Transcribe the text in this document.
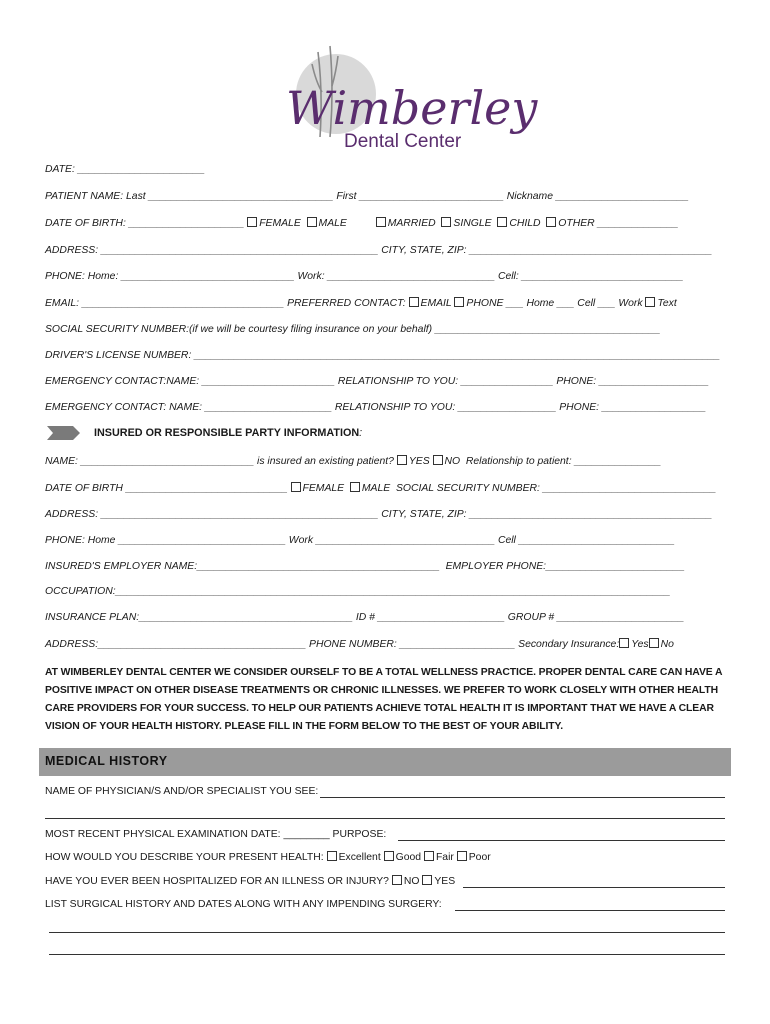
Wimberley
Dental Center
DATE: ______________________
PATIENT NAME: Last ________________________________ First _________________________ Nickname _______________________
DATE OF BIRTH: ____________________ FEMALE MALE	MARRIED SINGLE CHILD OTHER ______________
ADDRESS: ________________________________________________ CITY, STATE, ZIP: __________________________________________
PHONE: Home: ______________________________ Work: _____________________________ Cell: ____________________________
EMAIL: ___________________________________ PREFERRED CONTACT: EMAIL PHONE ___ Home ___ Cell ___ Work Text
SOCIAL SECURITY NUMBER:(if we will be courtesy filing insurance on your behalf) _______________________________________
DRIVER'S LICENSE NUMBER: ___________________________________________________________________________________________
EMERGENCY CONTACT:NAME: _______________________ RELATIONSHIP TO YOU: ________________ PHONE: ___________________
EMERGENCY CONTACT: NAME: ______________________ RELATIONSHIP TO YOU: _________________ PHONE: __________________
INSURED OR RESPONSIBLE PARTY INFORMATION:
NAME: ______________________________ is insured an existing patient? YES NO  Relationship to patient: _______________
DATE OF BIRTH ____________________________ FEMALE MALE  SOCIAL SECURITY NUMBER: ______________________________
ADDRESS: ________________________________________________ CITY, STATE, ZIP: __________________________________________
PHONE: Home _____________________________ Work _______________________________ Cell ___________________________
INSURED'S EMPLOYER NAME:__________________________________________  EMPLOYER PHONE:________________________
OCCUPATION:________________________________________________________________________________________________
INSURANCE PLAN:_____________________________________ ID # ______________________ GROUP # ______________________
ADDRESS:____________________________________ PHONE NUMBER: ____________________ Secondary Insurance: Yes No
AT WIMBERLEY DENTAL CENTER WE CONSIDER OURSELF TO BE A TOTAL WELLNESS PRACTICE. PROPER DENTAL CARE CAN HAVE A
POSITIVE IMPACT ON OTHER DISEASE TREATMENTS OR CHRONIC ILLNESSES. WE PREFER TO WORK CLOSELY WITH OTHER HEALTH
CARE PROVIDERS FOR YOUR SUCCESS. TO HELP OUR PATIENTS ACHIEVE TOTAL HEALTH IT IS IMPORTANT THAT WE HAVE A CLEAR
VISION OF YOUR HEALTH HISTORY. PLEASE FILL IN THE FORM BELOW TO THE BEST OF YOUR ABILITY.
MEDICAL HISTORY
NAME OF PHYSICIAN/S AND/OR SPECIALIST YOU SEE:
MOST RECENT PHYSICAL EXAMINATION DATE: ________ PURPOSE:
HOW WOULD YOU DESCRIBE YOUR PRESENT HEALTH: Excellent Good Fair Poor
HAVE YOU EVER BEEN HOSPITALIZED FOR AN ILLNESS OR INJURY? NO YES
LIST SURGICAL HISTORY AND DATES ALONG WITH ANY IMPENDING SURGERY:
